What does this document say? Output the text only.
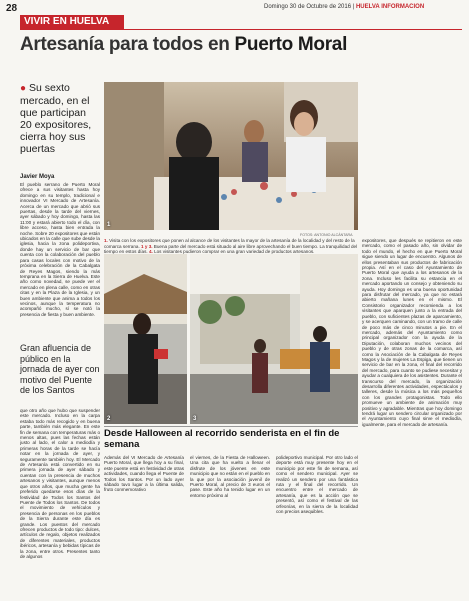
28	Domingo 30 de Octubre de 2016 | HUELVA INFORMACION
VIVIR EN HUELVA
Artesanía para todos en Puerto Moral
● Su sexto mercado, en el que participan 20 expositores, cierra hoy sus puertas
Javier Moya
El pueblo serrano de Puerto Moral ofrece a sus visitantes hasta hoy domingo en su templo, tradicional e innovador VI Mercado de Artesanía. Acerca de un mercado que abrió sus puertas, desde la tarde del viernes, ayer sábado y hoy domingo, hasta las 11:00 y estará abierto todo el día, con libre acceso, hasta bien entrada la noche. Sobre 20 expositores que están ubicados en la calle que sube desde la iglesia, hacia la zona polideportiva, donde hay un servicio de bar que cuenta con la colaboración del pueblo para casas locales con motivo de la próxima celebración de la Cabalgata de Reyes Magos, siendo la más temprana en la Sierra de Huelva. Este año como novedad, se puede ver el mercado en plena calle, como en otras citas y en la Plaza de la Iglesia, y un buen ambiente que anima a todos los vecinos, aunque la temperatura no acompañó mucho, sí se notó la presencia de fiesta y buen ambiente.
Gran afluencia de público en la jornada de ayer con motivo del Puente de los Santos
que otro año que hubo que suspender este mercado. Incluso en la carpa estaba todo más recogido y en buena parte, también más elegante. En este fin de semana con temperaturas más o menos altas, pues las fechas están justo al lado, el calor a mediodía y primeras horas de la tarde se hacía notar en la jornada de ayer, y seguramente también hoy. El Mercado de Artesanía está convertido en su primera jornada de ayer sábado y cuentan con la presencia de muchos artesanos y visitantes, aunque menos que otros años, que mucha gente ha preferido quedarse esos días de la festividad de Todos los Santos del Puente de Todos los Santos. De todos el movimiento de vehículos y presencia de personas en los pueblos de la Sierra durante este día es grande. Los puestos del mercado ofrecen productos de todo tipo: dulces, artículos de regalo, objetos realizados de diferentes materiales, productos ibéricos, artesanía y bebidas típicas de la zona, entre otros. Presentes tanto de algunos
1
FOTOS: ANTONIO ALCÁNTARA
1. Visita con los expositores que ponen al alcance de los visitantes la mayor de la artesanía de la localidad y del resto de la comarca serrana. 1 y 3. Buena parte del mercado está situado al aire libre aprovechando el buen tiempo. La tranquilidad del tiempo en estos días. 4. Los visitantes pudieron comprar en una gran variedad de productos artesanos.
expositores, que después se repitieron en este mercado, como el pasado año, sin olvidar de todo el mundo, el hecho en que Puerto Moral sigue siendo un lugar de encuentro. Algunos de ellos presentaban sus productos de fabricación propia. Así en el caso del Ayuntamiento de Puerto Moral que ayuda a los artesanos de la zona. Incluso les facilita su estancia en el mercado aportando un consejo y obteniendo su ayuda. Hoy domingo es una buena oportunidad para disfrutar del mercado, ya que no estará abierto mañana lunes en el mismo. El Consistorio organizador recomienda a los visitantes que aparquen junto a la entrada del pueblo, con suficientes plazas de aparcamiento, y se acerquen caminando, con un tramo de calle de poco más de cinco minutos a pie. En el mercado, además del Ayuntamiento como principal organizador con la ayuda de la Diputación, colaboran muchos vecinos del pueblo y de otras zonas de la comarca, así como la Asociación de la Cabalgata de Reyes Magos y la de mujeres La Espiga, que tienen un servicio de bar en la zona, el final del recorrido del mercado, para cuanto se pudiese necesitar y ayudar a cualquiera de los asistentes. Durante el transcurso del mercado, la organización desarrolla diferentes actividades, espectáculos y talleres, desde la música a los más pequeños con los grandes protagonistas. Todo ello promueve un ambiente de animación muy positivo y agradable. Mientras que hoy domingo tendrá lugar un sendero circular organizado por el Ayuntamiento cuyo final sirve el mediodía, igualmente, para el mercado de artesanía.
2	3
Desde Halloween al recorrido senderista en el fin de semana
Además del VI Mercado de Artesanía Puerto Moral, que llega hoy a su final, este puente está en festividad de otras actividades, cuando llega el Puente de Todos los Santos. Por un lado ayer sábado tuvo lugar a la última salida, fruto conmemorativo
el viernes, de la Fiesta de Halloween. Una cita que ha vuelto a llenar el disfrute de los jóvenes en este municipio que no están en el pueblo en la que por la asociación juvenil de Puerto Moral, al precio de 3 euros el pase. Este año ha tenido lugar en un entorno próximo al
polideportivo municipal. Por otro lado el deporte está muy presente hoy en el municipio por este fin de semana, así como el sendero municipal. Ayer se realizó un sendero por una fantástica ruta y el final del recorrido. Un encuentro entre el mercado de artesanía, que es la acción que se presentó, así como el festival de las orfeonías, en la sierra de la localidad con precios asequibles.
